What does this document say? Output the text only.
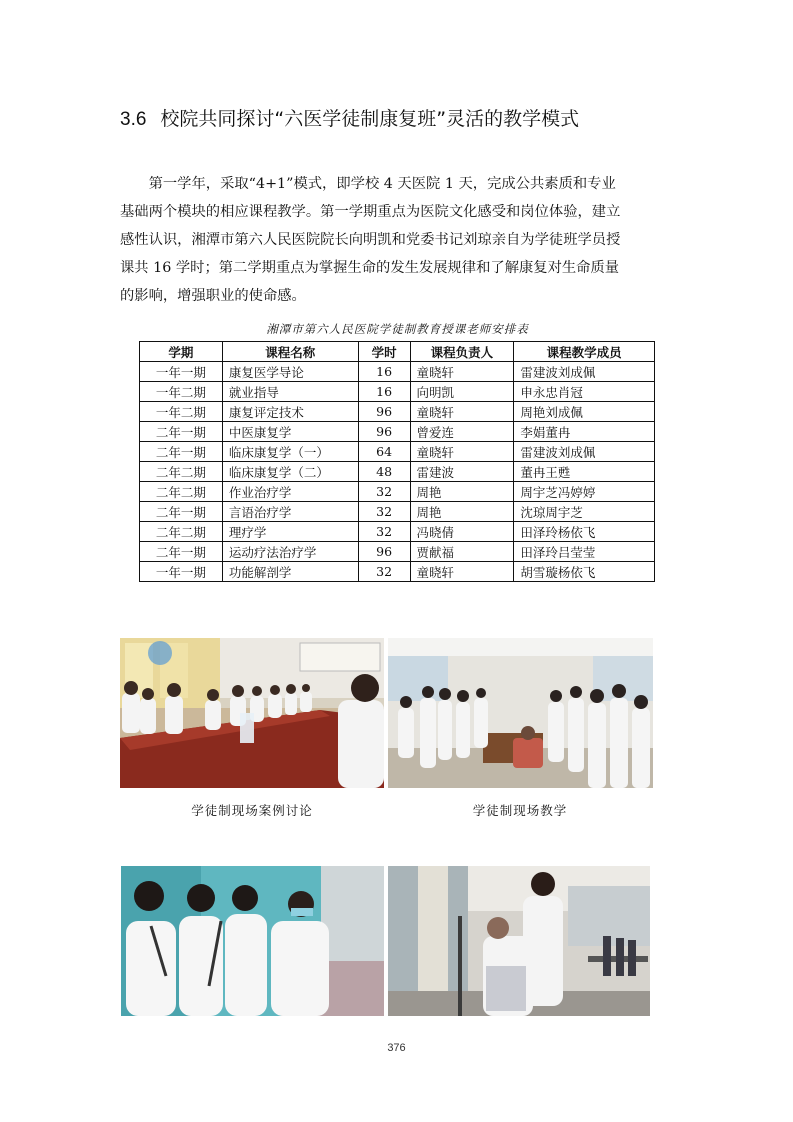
3.6 校院共同探讨“六医学徒制康复班”灵活的教学模式
　　第一学年，采取“4+1”模式，即学校 4 天医院 1 天，完成公共素质和专业
基础两个模块的相应课程教学。第一学期重点为医院文化感受和岗位体验，建立
感性认识，湘潭市第六人民医院院长向明凯和党委书记刘琼亲自为学徒班学员授
课共 16 学时；第二学期重点为掌握生命的发生发展规律和了解康复对生命质量
的影响，增强职业的使命感。
湘潭市第六人民医院学徒制教育授课老师安排表
学期	课程名称	学时	课程负责人	课程教学成员
一年一期	康复医学导论	16	童晓轩	雷建波刘成佩
一年二期	就业指导	16	向明凯	申永忠肖冠
一年二期	康复评定技术	96	童晓轩	周艳刘成佩
二年一期	中医康复学	96	曾爱连	李娟董冉
二年一期	临床康复学（一）	64	童晓轩	雷建波刘成佩
二年二期	临床康复学（二）	48	雷建波	董冉王甦
二年二期	作业治疗学	32	周艳	周宇芝冯婷婷
二年一期	言语治疗学	32	周艳	沈琼周宇芝
二年二期	理疗学	32	冯晓倩	田泽玲杨依飞
二年一期	运动疗法治疗学	96	贾献福	田泽玲吕莹莹
一年一期	功能解剖学	32	童晓轩	胡雪璇杨依飞
学徒制现场案例讨论	学徒制现场教学
376
